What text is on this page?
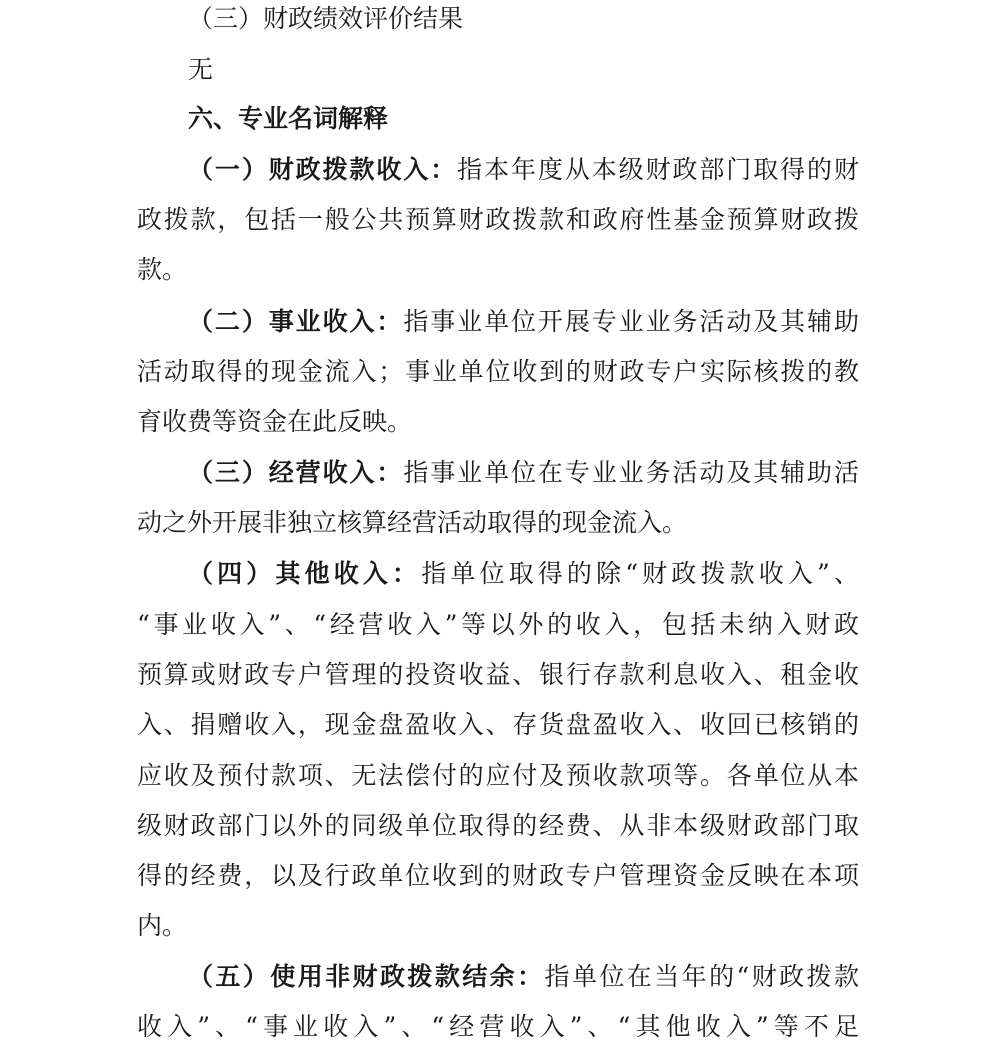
（三）财政绩效评价结果
无
六、专业名词解释
（一）财政拨款收入：指本年度从本级财政部门取得的财
政拨款，包括一般公共预算财政拨款和政府性基金预算财政拨
款。
（二）事业收入：指事业单位开展专业业务活动及其辅助
活动取得的现金流入；事业单位收到的财政专户实际核拨的教
育收费等资金在此反映。
（三）经营收入：指事业单位在专业业务活动及其辅助活
动之外开展非独立核算经营活动取得的现金流入。
（四）其他收入：指单位取得的除“财政拨款收入”、
“事业收入”、“经营收入”等以外的收入，包括未纳入财政
预算或财政专户管理的投资收益、银行存款利息收入、租金收
入、捐赠收入，现金盘盈收入、存货盘盈收入、收回已核销的
应收及预付款项、无法偿付的应付及预收款项等。各单位从本
级财政部门以外的同级单位取得的经费、从非本级财政部门取
得的经费，以及行政单位收到的财政专户管理资金反映在本项
内。
（五）使用非财政拨款结余：指单位在当年的“财政拨款
收入”、“事业收入”、“经营收入”、“其他收入”等不足
